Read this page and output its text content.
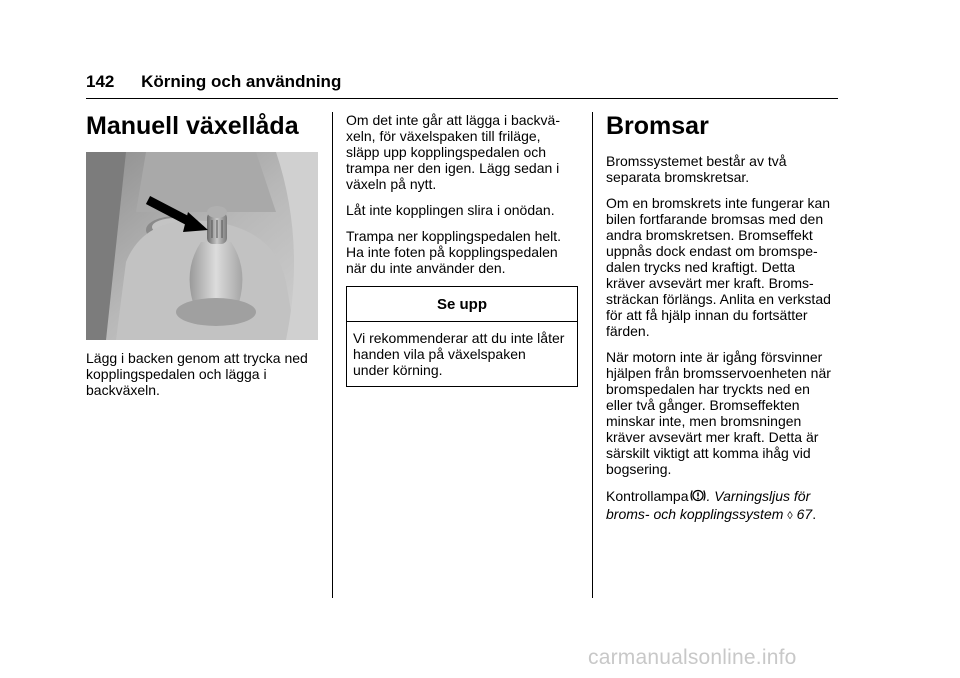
142 Körning och användning
Manuell växellåda

Lägg i backen genom att trycka ned
kopplingspedalen och lägga i
backväxeln.

Om det inte går att lägga i backvä-
xeln, för växelspaken till friläge,
släpp upp kopplingspedalen och
trampa ner den igen. Lägg sedan i
växeln på nytt.

Låt inte kopplingen slira i onödan.

Trampa ner kopplingspedalen helt.
Ha inte foten på kopplingspedalen
när du inte använder den.

Se upp
Vi rekommenderar att du inte låter
handen vila på växelspaken
under körning.
Bromsar

Bromssystemet består av två
separata bromskretsar.

Om en bromskrets inte fungerar kan
bilen fortfarande bromsas med den
andra bromskretsen. Bromseffekt
uppnås dock endast om bromspe-
dalen trycks ned kraftigt. Detta
kräver avsevärt mer kraft. Broms-
sträckan förlängs. Anlita en verkstad
för att få hjälp innan du fortsätter
färden.

När motorn inte är igång försvinner
hjälpen från bromsservoenheten när
bromspedalen har tryckts ned en
eller två gånger. Bromseffekten
minskar inte, men bromsningen
kräver avsevärt mer kraft. Detta är
särskilt viktigt att komma ihåg vid
bogsering.

Kontrollampa . Varningsljus för
broms- och kopplingssystem ◊ 67.
carmanualsonline.info
